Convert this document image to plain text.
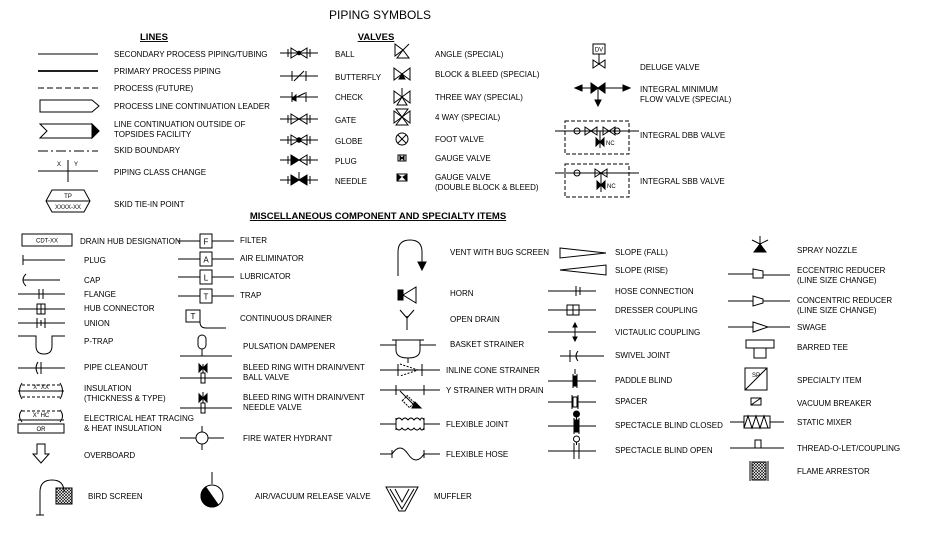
PIPING SYMBOLS
LINES	VALVES
MISCELLANEOUS COMPONENT AND SPECIALTY ITEMS
SECONDARY PROCESS PIPING/TUBING
PRIMARY PROCESS PIPING
PROCESS (FUTURE)
PROCESS LINE CONTINUATION LEADER
LINE CONTINUATION OUTSIDE OF
TOPSIDES FACILITY
SKID BOUNDARY
PIPING CLASS CHANGE
SKID TIE-IN POINT
X Y
TP
XXXX-XX
BALL
BUTTERFLY
CHECK
GATE
GLOBE
PLUG
NEEDLE
ANGLE (SPECIAL)
BLOCK & BLEED (SPECIAL)
THREE WAY (SPECIAL)
4 WAY (SPECIAL)
FOOT VALVE
GAUGE VALVE
GAUGE VALVE
(DOUBLE BLOCK & BLEED)
DELUGE VALVE
INTEGRAL MINIMUM
FLOW VALVE (SPECIAL)
INTEGRAL DBB VALVE
INTEGRAL SBB VALVE
DV
NC
NC
DRAIN HUB DESIGNATION
PLUG
CAP
FLANGE
HUB CONNECTOR
UNION
P-TRAP
PIPE CLEANOUT
INSULATION
(THICKNESS & TYPE)
ELECTRICAL HEAT TRACING
& HEAT INSULATION
OVERBOARD
BIRD SCREEN
CDT-XX
X" XX
X" HC
OR
FILTER
AIR ELIMINATOR
LUBRICATOR
TRAP
CONTINUOUS DRAINER
PULSATION DAMPENER
BLEED RING WITH DRAIN/VENT
BALL VALVE
BLEED RING WITH DRAIN/VENT
NEEDLE VALVE
FIRE WATER HYDRANT
AIR/VACUUM RELEASE VALVE
F
A
L
T
T
VENT WITH BUG SCREEN
HORN
OPEN DRAIN
BASKET STRAINER
INLINE CONE STRAINER
Y STRAINER WITH DRAIN
FLEXIBLE JOINT
FLEXIBLE HOSE
MUFFLER
SLOPE (FALL)
SLOPE (RISE)
HOSE CONNECTION
DRESSER COUPLING
VICTAULIC COUPLING
SWIVEL JOINT
PADDLE BLIND
SPACER
SPECTACLE BLIND CLOSED
SPECTACLE BLIND OPEN
SPRAY NOZZLE
ECCENTRIC REDUCER
(LINE SIZE CHANGE)
CONCENTRIC REDUCER
(LINE SIZE CHANGE)
SWAGE
BARRED TEE
SPECIALTY ITEM
VACUUM BREAKER
STATIC MIXER
THREAD-O-LET/COUPLING
FLAME ARRESTOR
SP
